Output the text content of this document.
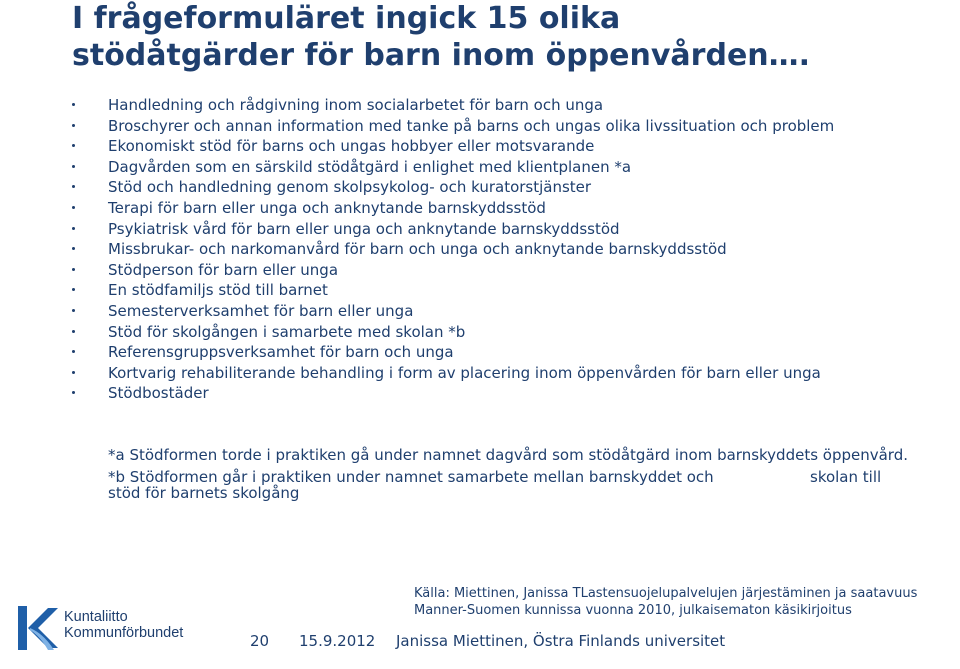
I frågeformuläret ingick 15 olika
stödåtgärder för barn inom öppenvården….
Handledning och rådgivning inom socialarbetet för barn och unga
Broschyrer och annan information med tanke på barns och ungas olika livssituation och problem
Ekonomiskt stöd för barns och ungas hobbyer eller motsvarande
Dagvården som en särskild stödåtgärd i enlighet med klientplanen *a
Stöd och handledning genom skolpsykolog- och kuratorstjänster
Terapi för barn eller unga och anknytande barnskyddsstöd
Psykiatrisk vård för barn eller unga och anknytande barnskyddsstöd
Missbrukar- och narkomanvård för barn och unga och anknytande barnskyddsstöd
Stödperson för barn eller unga
En stödfamiljs stöd till barnet
Semesterverksamhet för barn eller unga
Stöd för skolgången i samarbete med skolan *b
Referensgruppsverksamhet för barn och unga
Kortvarig rehabiliterande behandling i form av placering inom öppenvården för barn eller unga
Stödbostäder

*a Stödformen torde i praktiken gå under namnet dagvård som stödåtgärd inom barnskyddets öppenvård.

*b Stödformen går i praktiken under namnet samarbete mellan barnskyddet och	skolan till

stöd för barnets skolgång

Källa: Miettinen, Janissa TLastensuojelupalvelujen järjestäminen ja saatavuus
Manner-Suomen kunnissa vuonna 2010, julkaisematon käsikirjoitus
Kuntaliitto
Kommunförbundet	20 15.9.2012 Janissa Miettinen, Östra Finlands universitet
